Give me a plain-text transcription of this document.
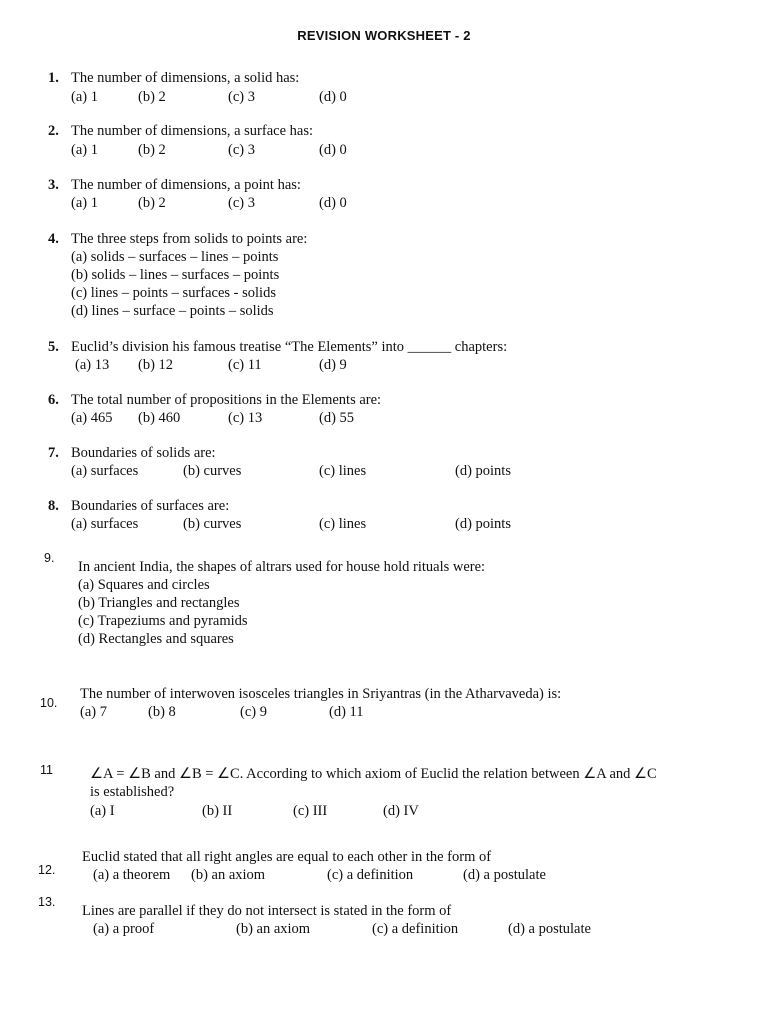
REVISION WORKSHEET - 2
1. The number of dimensions, a solid has:
(a) 1	(b) 2	(c) 3	(d) 0
2. The number of dimensions, a surface has:
(a) 1	(b) 2	(c) 3	(d) 0
3. The number of dimensions, a point has:
(a) 1	(b) 2	(c) 3	(d) 0
4. The three steps from solids to points are:
(a) solids – surfaces – lines – points
(b) solids – lines – surfaces – points
(c) lines – points – surfaces - solids
(d) lines – surface – points – solids
5. Euclid’s division his famous treatise “The Elements” into ______ chapters:
(a) 13 (b) 12	(c) 11	(d) 9
6. The total number of propositions in the Elements are:
(a) 465 (b) 460	(c) 13	(d) 55
7. Boundaries of solids are:
(a) surfaces	(b) curves	(c) lines	(d) points
8. Boundaries of surfaces are:
(a) surfaces	(b) curves	(c) lines	(d) points
9.
In ancient India, the shapes of altrars used for house hold rituals were:
(a) Squares and circles
(b) Triangles and rectangles
(c) Trapeziums and pyramids
(d) Rectangles and squares
10.
The number of interwoven isosceles triangles in Sriyantras (in the Atharvaveda) is:
(a) 7	(b) 8	(c) 9	(d) 11
11	∠A = ∠B and ∠B = ∠C. According to which axiom of Euclid the relation between ∠A and ∠C
is established?
(a) I	(b) II	(c) III	(d) IV
12.
Euclid stated that all right angles are equal to each other in the form of
(a) a theorem (b) an axiom	(c) a definition	(d) a postulate
13.
Lines are parallel if they do not intersect is stated in the form of
(a) a proof	(b) an axiom	(c) a definition	(d) a postulate
